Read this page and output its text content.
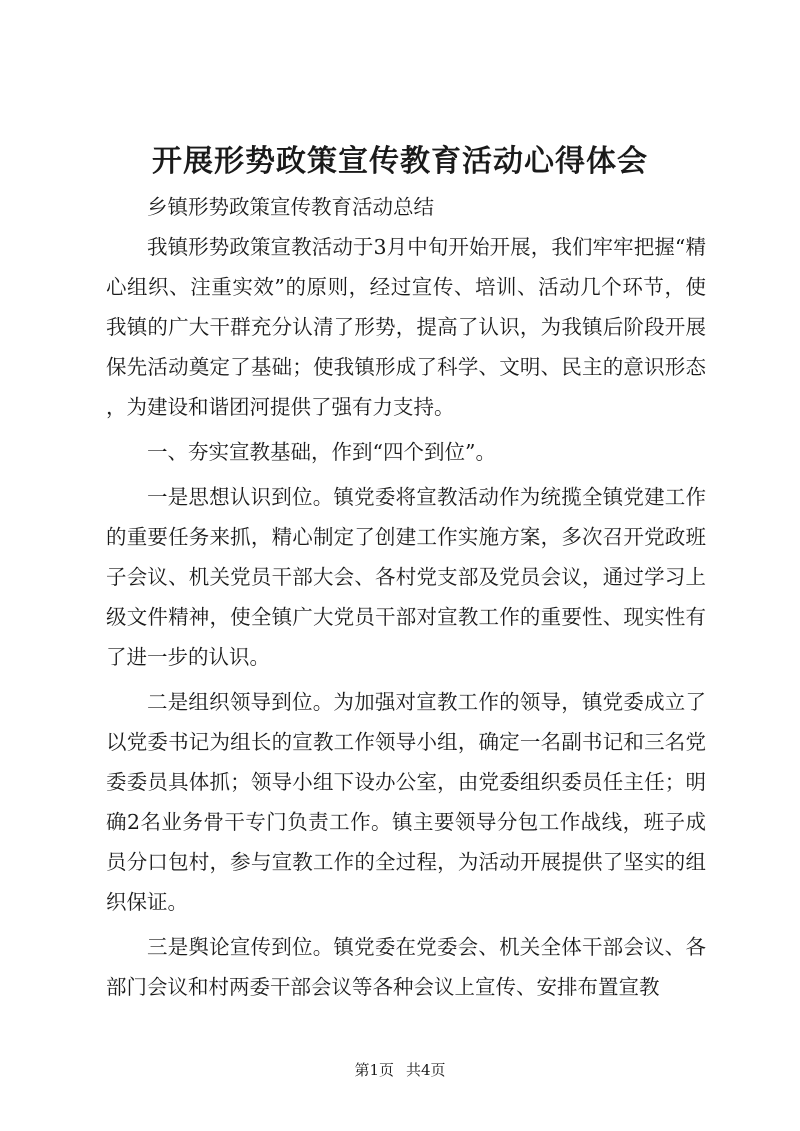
开展形势政策宣传教育活动心得体会

乡镇形势政策宣传教育活动总结

我镇形势政策宣教活动于3月中旬开始开展，我们牢牢把握“精心组织、注重实效”的原则，经过宣传、培训、活动几个环节，使我镇的广大干群充分认清了形势，提高了认识，为我镇后阶段开展保先活动奠定了基础；使我镇形成了科学、文明、民主的意识形态，为建设和谐团河提供了强有力支持。

一、夯实宣教基础，作到“四个到位”。

一是思想认识到位。镇党委将宣教活动作为统揽全镇党建工作的重要任务来抓，精心制定了创建工作实施方案，多次召开党政班子会议、机关党员干部大会、各村党支部及党员会议，通过学习上级文件精神，使全镇广大党员干部对宣教工作的重要性、现实性有了进一步的认识。

二是组织领导到位。为加强对宣教工作的领导，镇党委成立了以党委书记为组长的宣教工作领导小组，确定一名副书记和三名党委委员具体抓；领导小组下设办公室，由党委组织委员任主任；明确2名业务骨干专门负责工作。镇主要领导分包工作战线，班子成员分口包村，参与宣教工作的全过程，为活动开展提供了坚实的组织保证。

三是舆论宣传到位。镇党委在党委会、机关全体干部会议、各部门会议和村两委干部会议等各种会议上宣传、安排布置宣教

第1页 共4页
